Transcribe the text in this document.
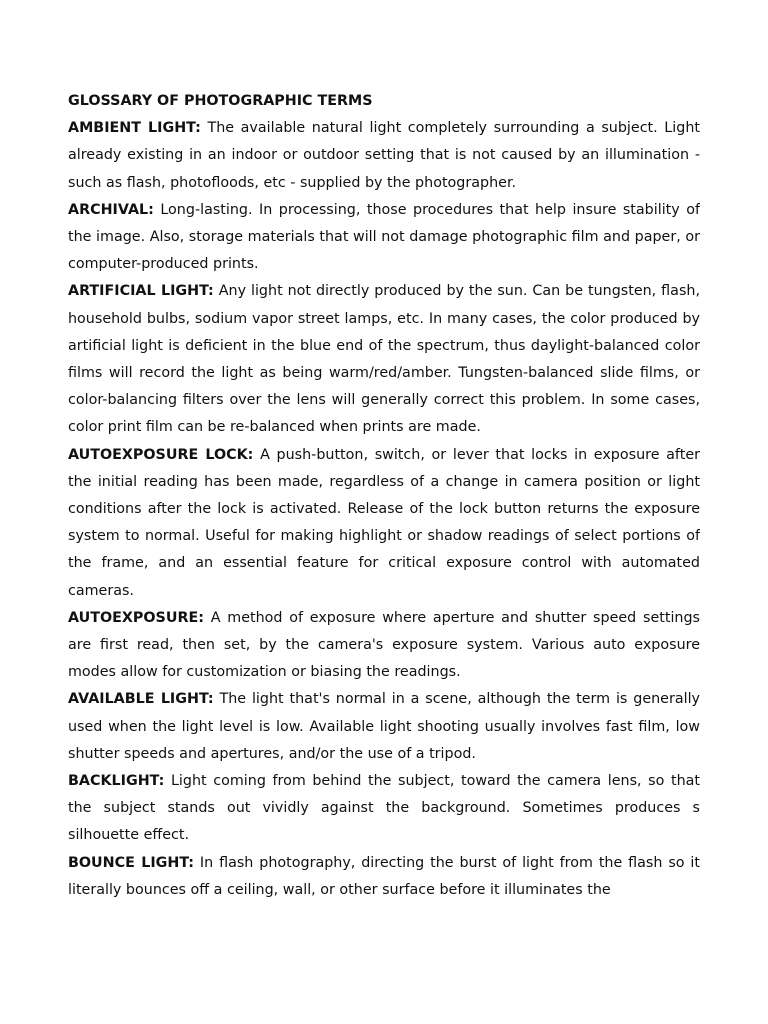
GLOSSARY OF PHOTOGRAPHIC TERMS

AMBIENT LIGHT: The available natural light completely surrounding a subject. Light already existing in an indoor or outdoor setting that is not caused by an illumination - such as flash, photofloods, etc - supplied by the photographer.

ARCHIVAL: Long-lasting. In processing, those procedures that help insure stability of the image. Also, storage materials that will not damage photographic film and paper, or computer-produced prints.

ARTIFICIAL LIGHT: Any light not directly produced by the sun. Can be tungsten, flash, household bulbs, sodium vapor street lamps, etc. In many cases, the color produced by artificial light is deficient in the blue end of the spectrum, thus daylight-balanced color films will record the light as being warm/red/amber. Tungsten-balanced slide films, or color-balancing filters over the lens will generally correct this problem. In some cases, color print film can be re-balanced when prints are made.

AUTOEXPOSURE LOCK: A push-button, switch, or lever that locks in exposure after the initial reading has been made, regardless of a change in camera position or light conditions after the lock is activated. Release of the lock button returns the exposure system to normal. Useful for making highlight or shadow readings of select portions of the frame, and an essential feature for critical exposure control with automated cameras.

AUTOEXPOSURE: A method of exposure where aperture and shutter speed settings are first read, then set, by the camera's exposure system. Various auto exposure modes allow for customization or biasing the readings.

AVAILABLE LIGHT: The light that's normal in a scene, although the term is generally used when the light level is low. Available light shooting usually involves fast film, low shutter speeds and apertures, and/or the use of a tripod.

BACKLIGHT: Light coming from behind the subject, toward the camera lens, so that the subject stands out vividly against the background. Sometimes produces s silhouette effect.

BOUNCE LIGHT: In flash photography, directing the burst of light from the flash so it literally bounces off a ceiling, wall, or other surface before it illuminates the
